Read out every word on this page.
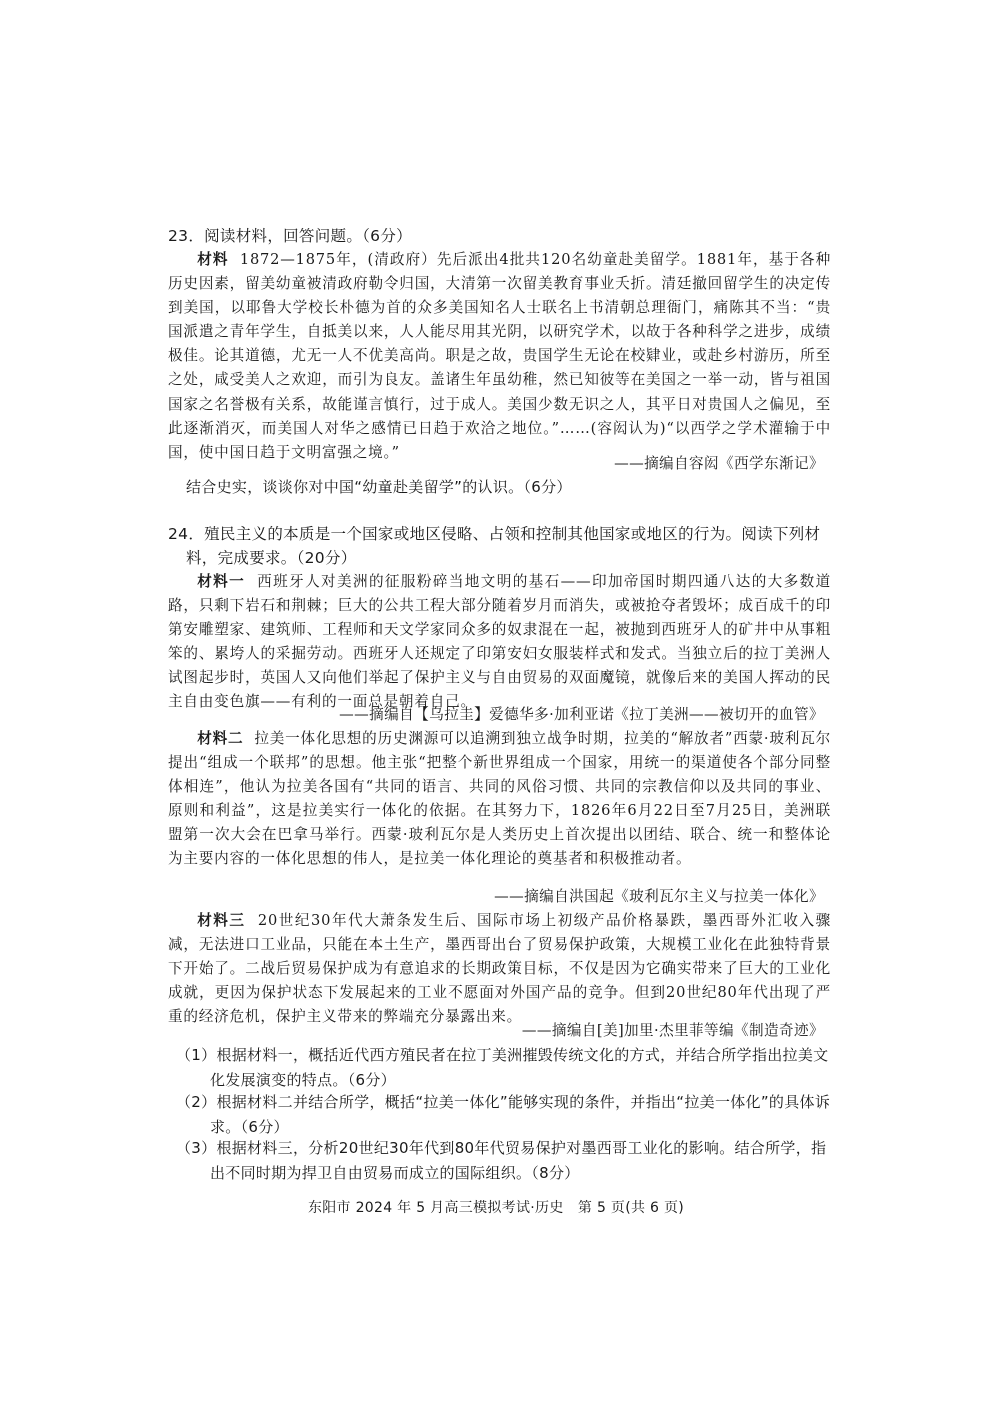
23．阅读材料，回答问题。（6分）
材料 1872—1875年，(清政府）先后派出4批共120名幼童赴美留学。1881年，基于各种历史因素，留美幼童被清政府勒令归国，大清第一次留美教育事业夭折。清廷撤回留学生的决定传到美国，以耶鲁大学校长朴德为首的众多美国知名人士联名上书清朝总理衙门，痛陈其不当：“贵国派遣之青年学生，自抵美以来，人人能尽用其光阴，以研究学术，以故于各种科学之进步，成绩极佳。论其道德，尤无一人不优美高尚。职是之故，贵国学生无论在校肄业，或赴乡村游历，所至之处，咸受美人之欢迎，而引为良友。盖诸生年虽幼稚，然已知彼等在美国之一举一动，皆与祖国国家之名誉极有关系，故能谨言慎行，过于成人。美国少数无识之人，其平日对贵国人之偏见，至此逐渐消灭，而美国人对华之感情已日趋于欢洽之地位。”……(容闳认为)“以西学之学术灌输于中国，使中国日趋于文明富强之境。”
——摘编自容闳《西学东渐记》
结合史实，谈谈你对中国“幼童赴美留学”的认识。（6分）
24．殖民主义的本质是一个国家或地区侵略、占领和控制其他国家或地区的行为。阅读下列材料，完成要求。（20分）
材料一 西班牙人对美洲的征服粉碎当地文明的基石——印加帝国时期四通八达的大多数道路，只剩下岩石和荆棘；巨大的公共工程大部分随着岁月而消失，或被抢夺者毁坏；成百成千的印第安雕塑家、建筑师、工程师和天文学家同众多的奴隶混在一起，被抛到西班牙人的矿井中从事粗笨的、累垮人的采掘劳动。西班牙人还规定了印第安妇女服装样式和发式。当独立后的拉丁美洲人试图起步时，英国人又向他们举起了保护主义与自由贸易的双面魔镜，就像后来的美国人挥动的民主自由变色旗——有利的一面总是朝着自己。
——摘编自【乌拉圭】爱德华多·加利亚诺《拉丁美洲——被切开的血管》
材料二 拉美一体化思想的历史渊源可以追溯到独立战争时期，拉美的“解放者”西蒙·玻利瓦尔提出“组成一个联邦”的思想。他主张“把整个新世界组成一个国家，用统一的渠道使各个部分同整体相连”，他认为拉美各国有“共同的语言、共同的风俗习惯、共同的宗教信仰以及共同的事业、原则和利益”，这是拉美实行一体化的依据。在其努力下，1826年6月22日至7月25日，美洲联盟第一次大会在巴拿马举行。西蒙·玻利瓦尔是人类历史上首次提出以团结、联合、统一和整体论为主要内容的一体化思想的伟人，是拉美一体化理论的奠基者和积极推动者。
——摘编自洪国起《玻利瓦尔主义与拉美一体化》
材料三 20世纪30年代大萧条发生后、国际市场上初级产品价格暴跌，墨西哥外汇收入骤减，无法进口工业品，只能在本土生产，墨西哥出台了贸易保护政策，大规模工业化在此独特背景下开始了。二战后贸易保护成为有意追求的长期政策目标，不仅是因为它确实带来了巨大的工业化成就，更因为保护状态下发展起来的工业不愿面对外国产品的竞争。但到20世纪80年代出现了严重的经济危机，保护主义带来的弊端充分暴露出来。
——摘编自[美]加里·杰里菲等编《制造奇迹》
（1）根据材料一，概括近代西方殖民者在拉丁美洲摧毁传统文化的方式，并结合所学指出拉美文化发展演变的特点。（6分）
（2）根据材料二并结合所学，概括“拉美一体化”能够实现的条件，并指出“拉美一体化”的具体诉求。（6分）
（3）根据材料三，分析20世纪30年代到80年代贸易保护对墨西哥工业化的影响。结合所学，指出不同时期为捍卫自由贸易而成立的国际组织。（8分）
东阳市 2024 年 5 月高三模拟考试·历史　第 5 页(共 6 页)
